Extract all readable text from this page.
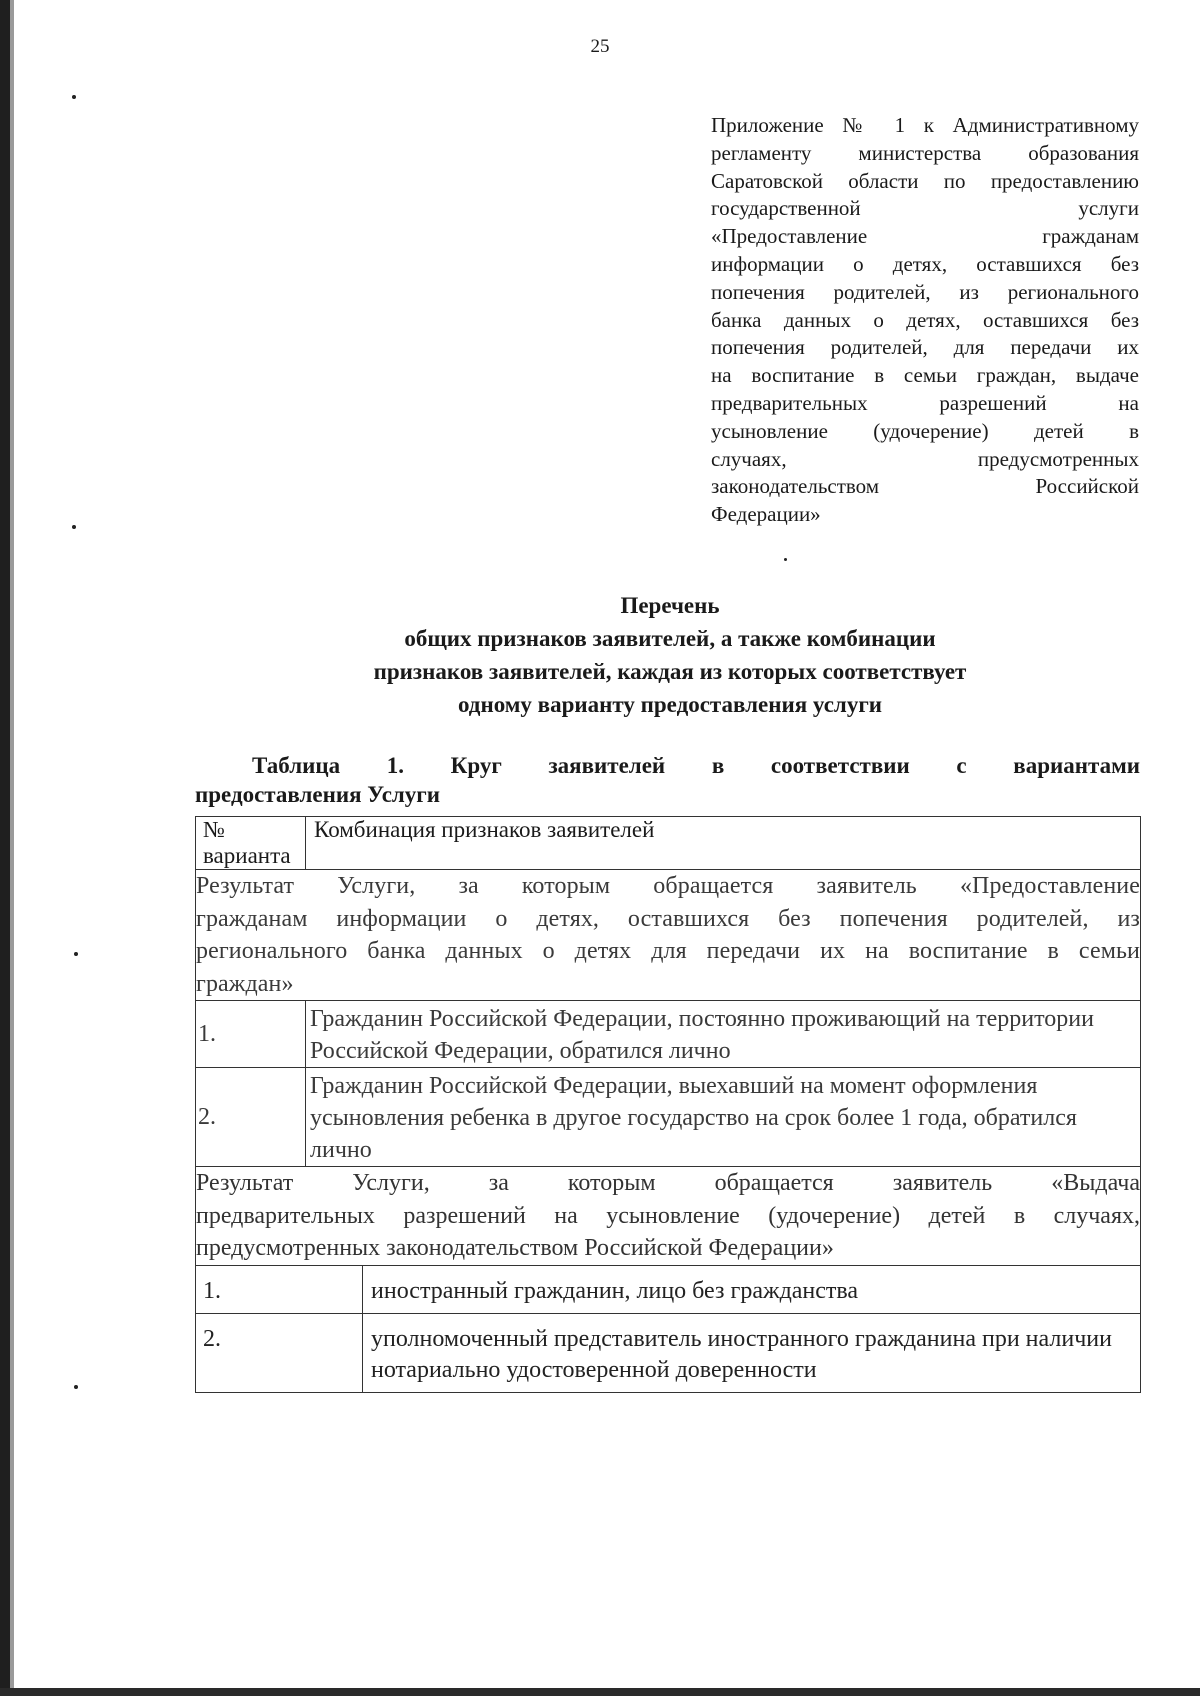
25
Приложение № 1 к Административному
регламенту министерства образования
Саратовской области по предоставлению
государственной услуги
«Предоставление гражданам
информации о детях, оставшихся без
попечения родителей, из регионального
банка данных о детях, оставшихся без
попечения родителей, для передачи их
на воспитание в семьи граждан, выдаче
предварительных разрешений на
усыновление (удочерение) детей в
случаях, предусмотренных
законодательством Российской
Федерации»
Перечень
общих признаков заявителей, а также комбинации
признаков заявителей, каждая из которых соответствует
одному варианту предоставления услуги
Таблица 1. Круг заявителей в соответствии с вариантами
предоставления Услуги
№ варианта	Комбинация признаков заявителей	

Результат Услуги, за которым обращается заявитель «Предоставление
гражданам информации о детях, оставшихся без попечения родителей, из
регионального банка данных о детях для передачи их на воспитание в семьи
граждан»		

1.	Гражданин Российской Федерации, постоянно проживающий на территории Российской Федерации, обратился лично	
2.	Гражданин Российской Федерации, выехавший на момент оформления усыновления ребенка в другое государство на срок более 1 года, обратился лично	

Результат Услуги, за которым обращается заявитель «Выдача
предварительных разрешений на усыновление (удочерение) детей в случаях,
предусмотренных законодательством Российской Федерации»		

1.		иностранный гражданин, лицо без гражданства
2.		уполномоченный представитель иностранного гражданина при наличии нотариально удостоверенной доверенности
